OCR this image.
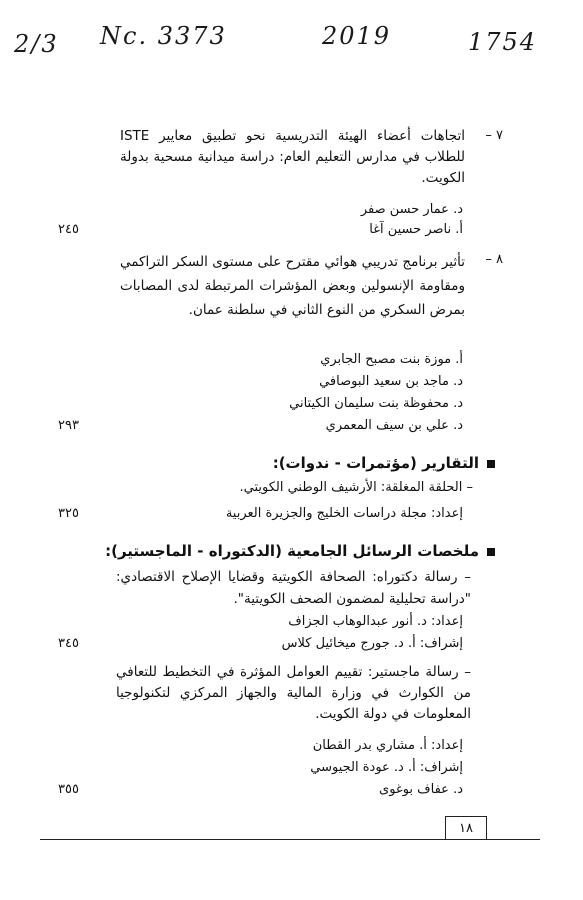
2/3 Nc. 3373	2019	1754
٧ –
اتجاهات أعضاء الهيئة التدريسية نحو تطبيق معايير ISTE للطلاب في مدارس التعليم العام: دراسة ميدانية مسحية بدولة الكويت.
د. عمار حسن صفر
أ. ناصر حسين آغا
٢٤٥
٨ –
تأثير برنامج تدريبي هوائي مقترح على مستوى السكر التراكمي ومقاومة الإنسولين وبعض المؤشرات المرتبطة لدى المصابات بمرض السكري من النوع الثاني في سلطنة عمان.
أ. موزة بنت مصبح الجابري
د. ماجد بن سعيد البوصافي
د. محفوظة بنت سليمان الكيتاني
د. علي بن سيف المعمري
٢٩٣
التقارير (مؤتمرات - ندوات):
– الحلقة المغلقة: الأرشيف الوطني الكويتي.
إعداد: مجلة دراسات الخليج والجزيرة العربية
٣٢٥
ملخصات الرسائل الجامعية (الدكتوراه - الماجستير):
– رسالة دكتوراه: الصحافة الكويتية وقضايا الإصلاح الاقتصادي: "دراسة تحليلية لمضمون الصحف الكويتية".
إعداد: د. أنور عبدالوهاب الجزاف
إشراف: أ. د. جورج ميخائيل كلاس
٣٤٥
– رسالة ماجستير: تقييم العوامل المؤثرة في التخطيط للتعافي من الكوارث في وزارة المالية والجهاز المركزي لتكنولوجيا المعلومات في دولة الكويت.
إعداد: أ. مشاري بدر القطان
إشراف: أ. د. عودة الجيوسي
د. عفاف بوغوى
٣٥٥
١٨
